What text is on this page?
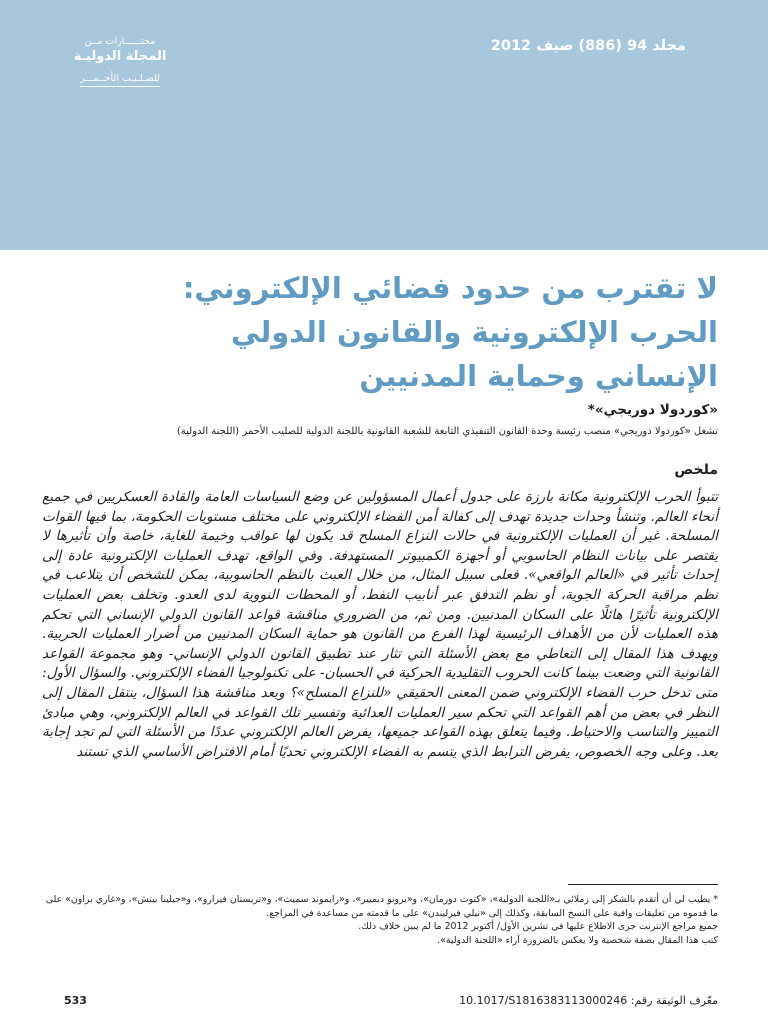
مجلد 94 (886) صيف 2012
مختــــــارات مــن
المجلة الدوليـة
للصـلـيـب الأحــمـــر
لا تقترب من حدود فضائي الإلكتروني:
الحرب الإلكترونية والقانون الدولي
الإنساني وحماية المدنيين
«كوردولا دوريجي»*
تشغل «كوردولا دوريجي» منصب رئيسة وحدة القانون التنفيذي التابعة للشعبة القانونية باللجنة الدولية للصليب الأحمر (اللجنة الدولية)
ملخص
تتبوأ الحرب الإلكترونية مكانة بارزة على جدول أعمال المسؤولين عن وضع السياسات العامة والقادة العسكريين في جميع أنحاء العالم. وتنشأ وحدات جديدة تهدف إلى كفالة أمن الفضاء الإلكتروني على مختلف مستويات الحكومة، بما فيها القوات المسلحة. غير أن العمليات الإلكترونية في حالات النزاع المسلح قد يكون لها عواقب وخيمة للغاية، خاصة وأن تأثيرها لا يقتصر على بيانات النظام الحاسوبي أو أجهزة الكمبيوتر المستهدفة. وفي الواقع، تهدف العمليات الإلكترونية عادة إلى إحداث تأثير في «العالم الواقعي». فعلى سبيل المثال، من خلال العبث بالنظم الحاسوبية، يمكن للشخص أن يتلاعب في نظم مراقبة الحركة الجوية، أو نظم التدفق عبر أنابيب النفط، أو المحطات النووية لدى العدو. وتخلف بعض العمليات الإلكترونية تأثيرًا هائلًا على السكان المدنيين. ومن ثم، من الضروري مناقشة قواعد القانون الدولي الإنساني التي تحكم هذه العمليات لأن من الأهداف الرئيسية لهذا الفرع من القانون هو حماية السكان المدنيين من أضرار العمليات الحربية. ويهدف هذا المقال إلى التعاطي مع بعض الأسئلة التي تثار عند تطبيق القانون الدولي الإنساني- وهو مجموعة القواعد القانونية التي وضعت بينما كانت الحروب التقليدية الحركية في الحسبان- على تكنولوجيا الفضاء الإلكتروني. والسؤال الأول: متى تدخل حرب الفضاء الإلكتروني ضمن المعنى الحقيقي «للنزاع المسلح»؟ وبعد مناقشة هذا السؤال، ينتقل المقال إلى النظر في بعض من أهم القواعد التي تحكم سير العمليات العدائية وتفسير تلك القواعد في العالم الإلكتروني، وهي مبادئ التمييز والتناسب والاحتياط. وفيما يتعلق بهذه القواعد جميعها، يفرض العالم الإلكتروني عددًا من الأسئلة التي لم تجد إجابة بعد. وعلى وجه الخصوص، يفرض الترابط الذي يتسم به الفضاء الإلكتروني تحديًا أمام الافتراض الأساسي الذي تستند

* يطيب لي أن أتقدم بالشكر إلى زملائي بـ«اللجنة الدولية»، «كنوت دورمان»، و«برونو ديميير»، و«رايموند سميث»، و«تريستان فيرارو»، و«جيلينا بيتش»، و«غاري براون» على ما قدموه من تعليقات وافية على النسخ السابقة، وكذلك إلى «نيلي فيرليندن» على ما قدمته من مساعدة في المراجع.

جميع مراجع الإنترنت جرى الاطلاع عليها في تشرين الأول/ أكتوبر 2012 ما لم يبين خلاف ذلك.

كتب هذا المقال بصفة شخصية ولا يعكس بالضرورة آراء «اللجنة الدولية».

533	10.1017/S1816383113000246 معّرف الوثيقة رقم:
